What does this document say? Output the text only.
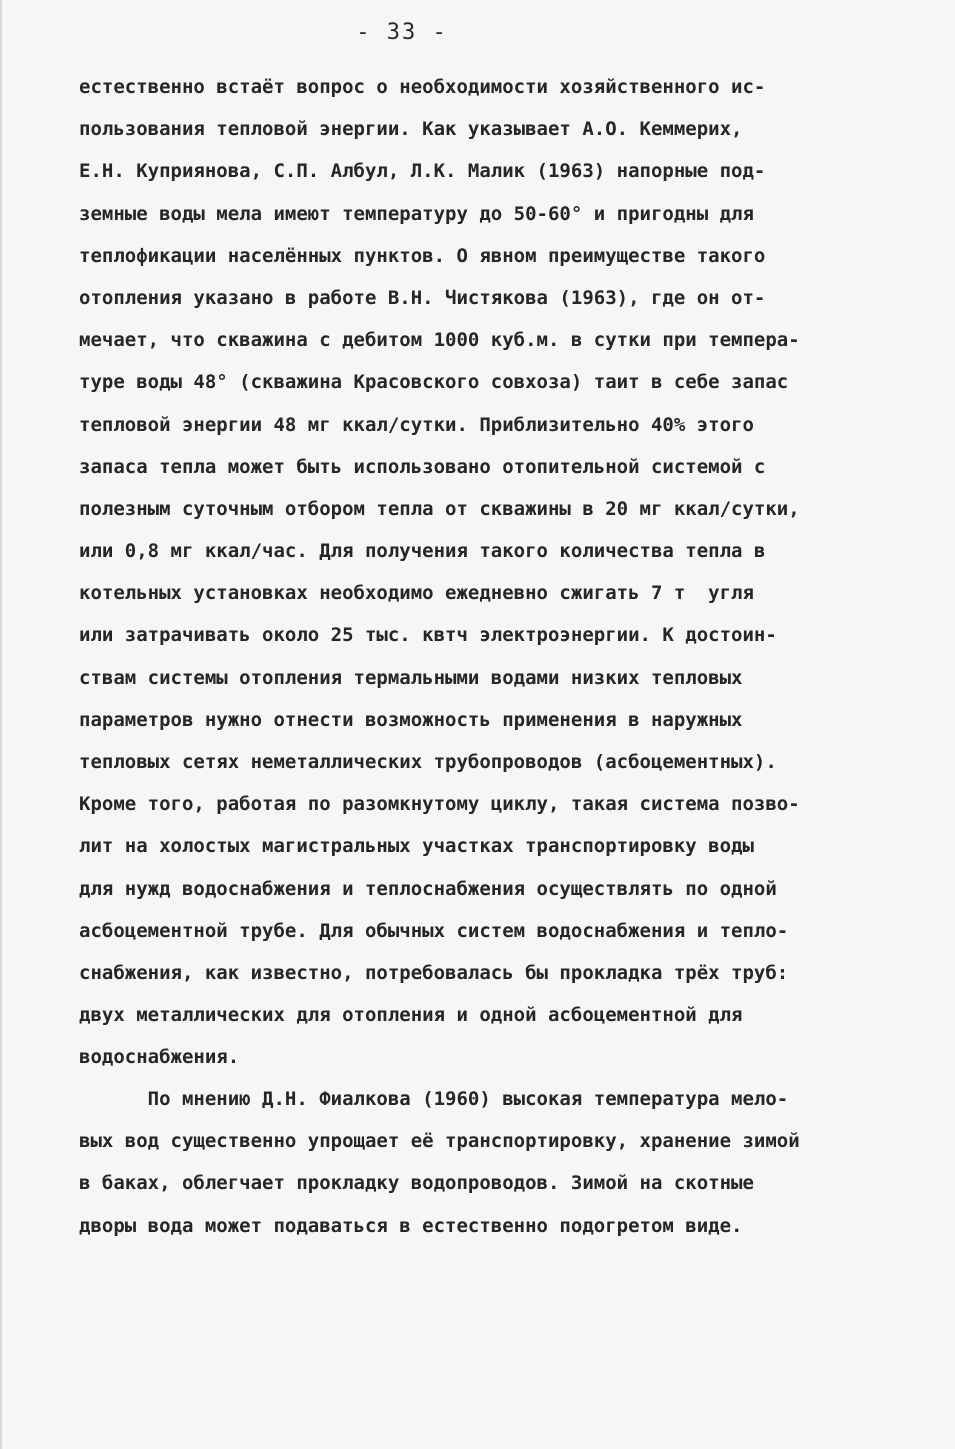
- 33 -
естественно встаёт вопрос о необходимости хозяйственного ис-
пользования тепловой энергии. Как указывает А.О. Кеммерих,
Е.Н. Куприянова, С.П. Албул, Л.К. Малик (1963) напорные под-
земные воды мела имеют температуру до 50-60° и пригодны для
теплофикации населённых пунктов. О явном преимуществе такого
отопления указано в работе В.Н. Чистякова (1963), где он от-
мечает, что скважина с дебитом 1000 куб.м. в сутки при темпера-
туре воды 48° (скважина Красовского совхоза) таит в себе запас
тепловой энергии 48 мг ккал/сутки. Приблизительно 40% этого
запаса тепла может быть использовано отопительной системой с
полезным суточным отбором тепла от скважины в 20 мг ккал/сутки,
или 0,8 мг ккал/час. Для получения такого количества тепла в
котельных установках необходимо ежедневно сжигать 7 т  угля
или затрачивать около 25 тыс. квтч электроэнергии. К достоин-
ствам системы отопления термальными водами низких тепловых
параметров нужно отнести возможность применения в наружных
тепловых сетях неметаллических трубопроводов (асбоцементных).
Кроме того, работая по разомкнутому циклу, такая система позво-
лит на холостых магистральных участках транспортировку воды
для нужд водоснабжения и теплоснабжения осуществлять по одной
асбоцементной трубе. Для обычных систем водоснабжения и тепло-
снабжения, как известно, потребовалась бы прокладка трёх труб:
двух металлических для отопления и одной асбоцементной для
водоснабжения.
По мнению Д.Н. Фиалкова (1960) высокая температура мело-
вых вод существенно упрощает её транспортировку, хранение зимой
в баках, облегчает прокладку водопроводов. Зимой на скотные
дворы вода может подаваться в естественно подогретом виде.
